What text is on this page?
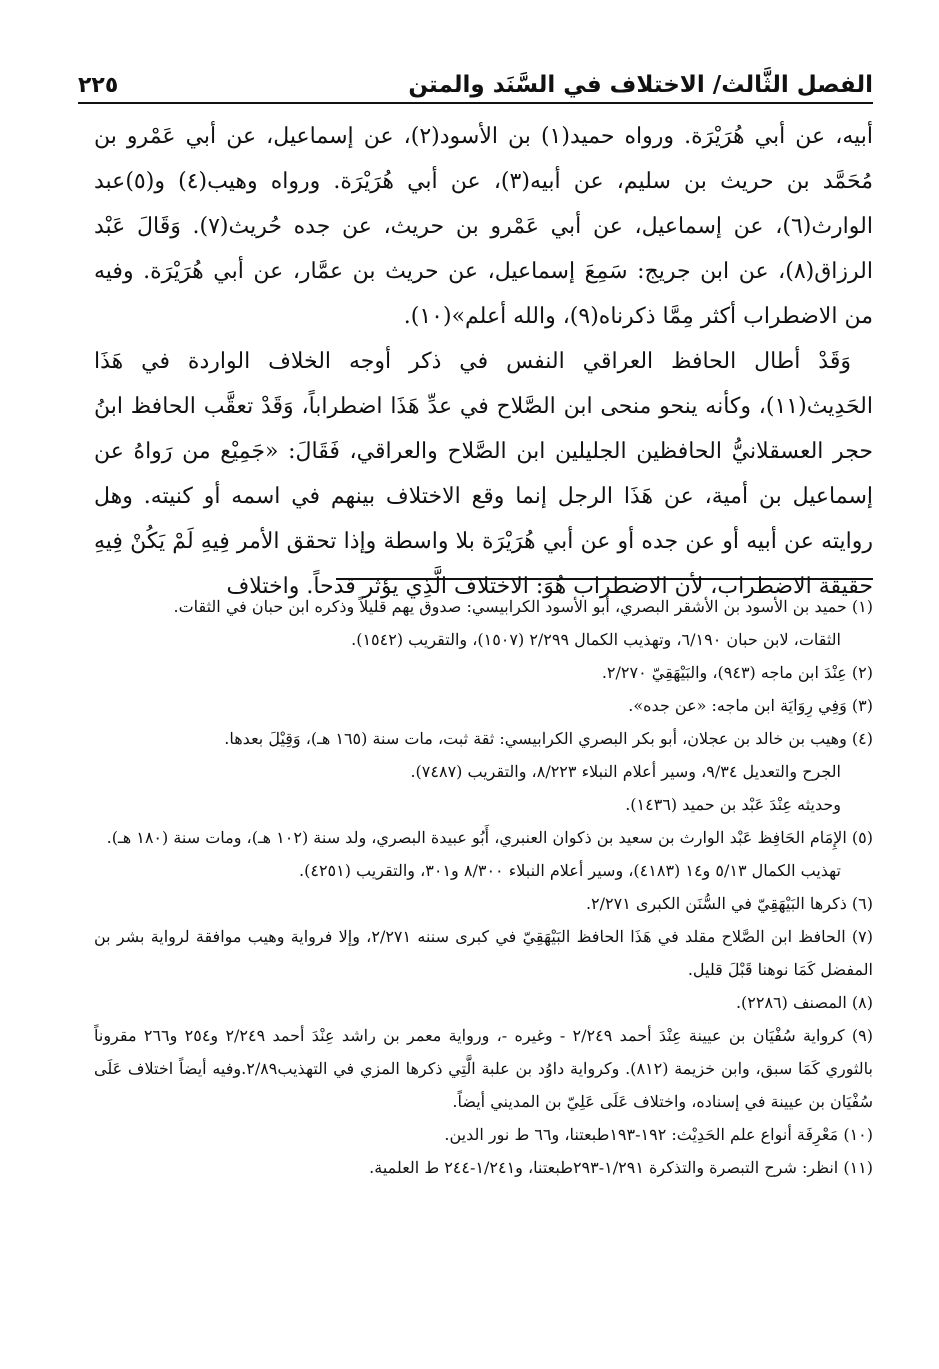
الفصل الثَّالث/ الاختلاف في السَّنَد والمتن
٢٢٥

أبيه، عن أبي هُرَيْرَة. ورواه حميد(١) بن الأسود(٢)، عن إسماعيل، عن أبي عَمْرو بن مُحَمَّد بن حريث بن سليم، عن أبيه(٣)، عن أبي هُرَيْرَة. ورواه وهيب(٤) و(٥)عبد الوارث(٦)، عن إسماعيل، عن أبي عَمْرو بن حريث، عن جده حُريث(٧). وَقَالَ عَبْد الرزاق(٨)، عن ابن جريج: سَمِعَ إسماعيل، عن حريث بن عمَّار، عن أبي هُرَيْرَة. وفيه من الاضطراب أكثر مِمَّا ذكرناه(٩)، والله أعلم»(١٠).

وَقَدْ أطال الحافظ العراقي النفس في ذكر أوجه الخلاف الواردة في هَذَا الحَدِيث(١١)، وكأنه ينحو منحى ابن الصَّلاح في عدِّ هَذَا اضطراباً، وَقَدْ تعقَّب الحافظ ابنُ حجر العسقلانيُّ الحافظين الجليلين ابن الصَّلاح والعراقي، فَقَالَ: «جَمِيْع من رَواهُ عن إسماعيل بن أمية، عن هَذَا الرجل إنما وقع الاختلاف بينهم في اسمه أو كنيته. وهل روايته عن أبيه أو عن جده أو عن أبي هُرَيْرَة بلا واسطة وإذا تحقق الأمر فِيهِ لَمْ يَكُنْ فِيهِ حقيقة الاضطراب، لأن الاضطراب هُوَ: الاختلاف الَّذِي يؤثر قدحاً. واختلاف

(١) حميد بن الأسود بن الأشقر البصري، أبو الأسود الكرابيسي: صدوق يهم قليلاً وذكره ابن حبان في الثقات.

الثقات، لابن حبان ٦/١٩٠، وتهذيب الكمال ٢/٢٩٩ (١٥٠٧)، والتقريب (١٥٤٢).

(٢) عِنْدَ ابن ماجه (٩٤٣)، والبَيْهَقِيّ ٢/٢٧٠.
(٣) وَفِي رِوَايَة ابن ماجه: «عن جده».
(٤) وهيب بن خالد بن عجلان، أبو بكر البصري الكرابيسي: ثقة ثبت، مات سنة (١٦٥ هـ)، وَقِيْلَ بعدها.

الجرح والتعديل ٩/٣٤، وسير أعلام النبلاء ٨/٢٢٣، والتقريب (٧٤٨٧).

وحديثه عِنْدَ عَبْد بن حميد (١٤٣٦).

(٥) الإِمَام الحَافِظ عَبْد الوارث بن سعيد بن ذكوان العنبري، أَبُو عبيدة البصري، ولد سنة (١٠٢ هـ)، ومات سنة (١٨٠ هـ).

تهذيب الكمال ٥/١٣ و١٤ (٤١٨٣)، وسير أعلام النبلاء ٨/٣٠٠ و٣٠١، والتقريب (٤٢٥١).

(٦) ذكرها البَيْهَقِيّ في السُّنَن الكبرى ٢/٢٧١.
(٧) الحافظ ابن الصَّلاح مقلد في هَذَا الحافظ البَيْهَقِيّ في كبرى سننه ٢/٢٧١، وإلا فرواية وهيب موافقة لرواية بشر بن المفضل كَمَا نوهنا قَبْلَ قليل.
(٨) المصنف (٢٢٨٦).
(٩) كرواية سُفْيَان بن عيينة عِنْدَ أحمد ٢/٢٤٩ - وغيره -، ورواية معمر بن راشد عِنْدَ أحمد ٢/٢٤٩ و٢٥٤ و٢٦٦ مقروناً بالثوري كَمَا سبق، وابن خزيمة (٨١٢). وكرواية داوُد بن علبة الَّتِي ذكرها المزي في التهذيب٢/٨٩.وفيه أيضاً اختلاف عَلَى سُفْيَان بن عيينة في إسناده، واختلاف عَلَى عَلِيّ بن المديني أيضاً.
(١٠) مَعْرِفَة أنواع علم الحَدِيْث: ١٩٢-١٩٣طبعتنا، و٦٦ ط نور الدين.
(١١) انظر: شرح التبصرة والتذكرة ١/٢٩١-٢٩٣طبعتنا، و١/٢٤١-٢٤٤ ط العلمية.
